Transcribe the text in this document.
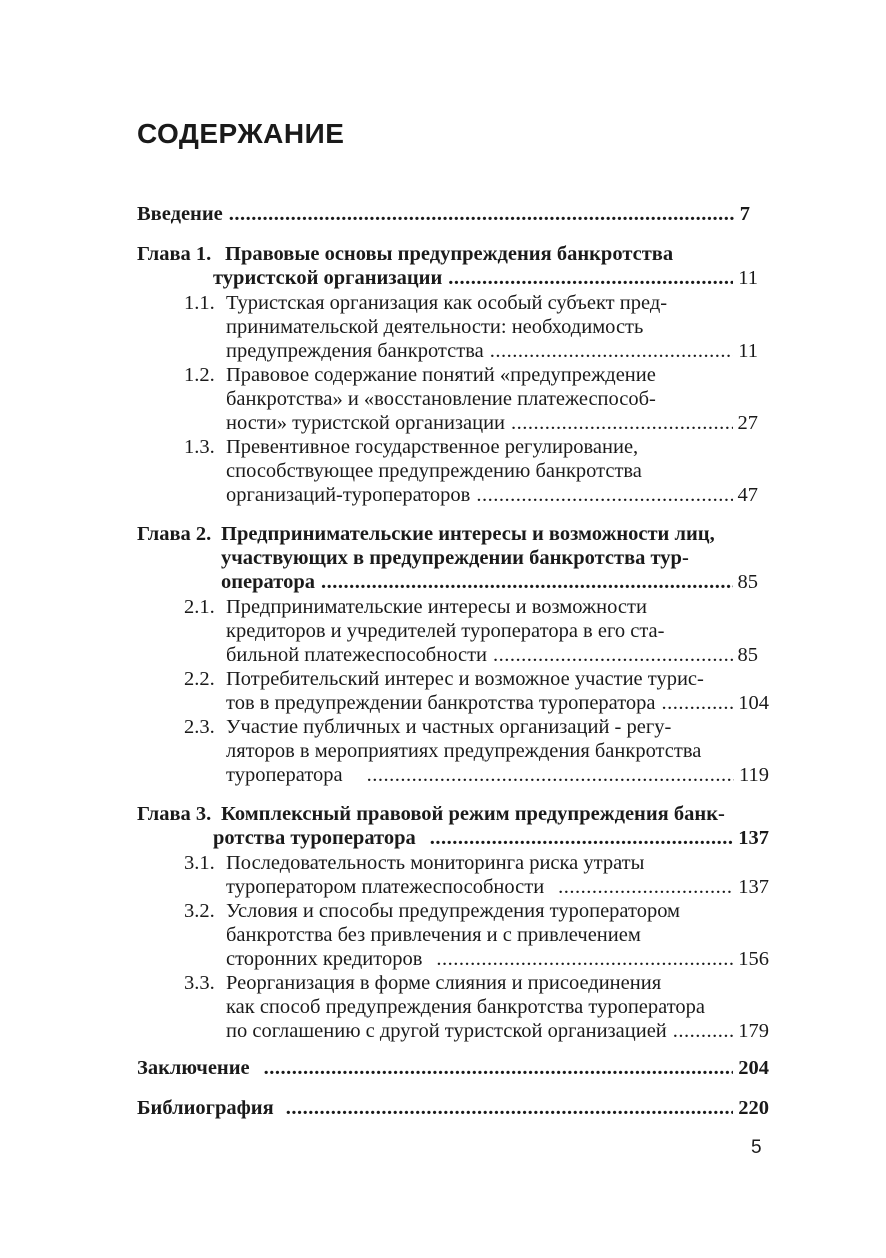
СОДЕРЖАНИЕ
Введение .....	7
Глава 1. Правовые основы предупреждения банкротства
туристской организации .....	11
1.1. Туристская организация как особый субъект пред-
принимательской деятельности: необходимость
предупреждения банкротства .....	11
1.2. Правовое содержание понятий «предупреждение
банкротства» и «восстановление платежеспособ-
ности» туристской организации .....	27
1.3. Превентивное государственное регулирование,
способствующее предупреждению банкротства
организаций-туроператоров .....	47
Глава 2. Предпринимательские интересы и возможности лиц,
участвующих в предупреждении банкротства тур-
оператора .....	85
2.1. Предпринимательские интересы и возможности
кредиторов и учредителей туроператора в его ста-
бильной платежеспособности .....	85
2.2. Потребительский интерес и возможное участие турис-
тов в предупреждении банкротства туроператора .....	104
2.3. Участие публичных и частных организаций - регу-
ляторов в мероприятиях предупреждения банкротства
туроператора .....	119
Глава 3. Комплексный правовой режим предупреждения банк-
ротства туроператора .....	137
3.1. Последовательность мониторинга риска утраты
туроператором платежеспособности .....	137
3.2. Условия и способы предупреждения туроператором
банкротства без привлечения и с привлечением
сторонних кредиторов .....	156
3.3. Реорганизация в форме слияния и присоединения
как способ предупреждения банкротства туроператора
по соглашению с другой туристской организацией .....	179
Заключение .....	204
Библиография .....	220
5
